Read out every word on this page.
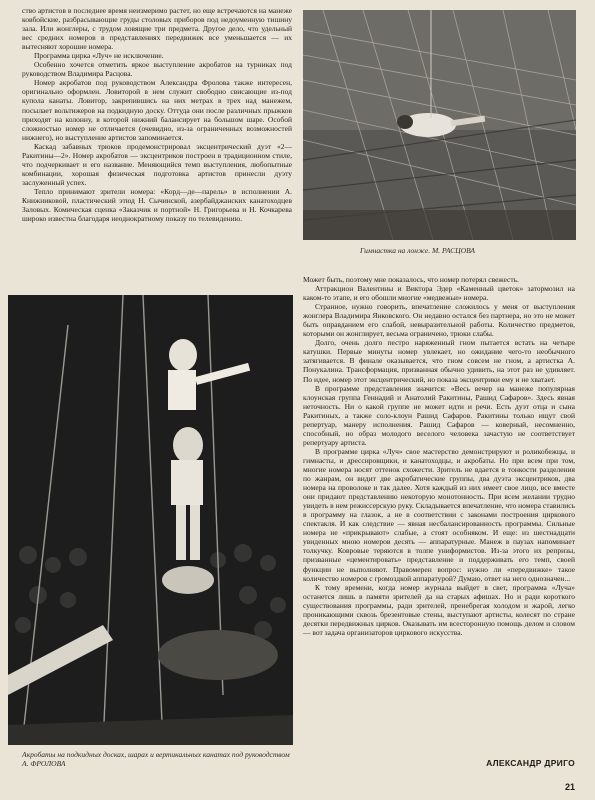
ство артистов в последнее время неизмеримо растет, но еще встречаются на манеже ковбойские, разбрасывающие груды столовых приборов под недоуменную тишину зала. Или жонглеры, с трудом ловящие три предмета. Другое дело, что удельный вес средних номеров в представлениях передвижек все уменьшается — их вытесняют хорошие номера.

Программа цирка «Луч» не исключение.

Особенно хочется отметить яркое выступление акробатов на турниках под руководством Владимира Расцова.

Номер акробатов под руководством Александра Фролова также интересен, оригинально оформлен. Ловиторой в нем служит свободно свисающие из-под купола канаты. Ловитор, закрепившись на них метрах в трех над манежем, посылает вольтижеров на подкидную доску. Оттуда они после различных прыжков приходят на колонну, в которой нижний балансирует на большом шаре. Особой сложностью номер не отличается (очевидно, из-за ограниченных возможностей нижнего), но выступление артистов запоминается.

Каскад забавных трюков продемонстрировал эксцентрический дуэт «2—Ракитины—2». Номер акробатов — эксцентриков построен в традиционном стиле, что подчеркивает и его название. Меняющийся темп выступления, любопытные комбинации, хорошая физическая подготовка артистов принесли дуэту заслуженный успех.

Тепло принимают зрители номера: «Корд—де—парель» в исполнении А. Книжниковой, пластический этюд Н. Сычинской, азербайджанских канатоходцев Заловых. Комическая сценка «Заказчик и портной» Н. Григорьева и Н. Кочкарева широко известна благодаря неоднократному показу по телевидению.

Гимнастка на лонже. М. РАСЦОВА
Акробаты на подкидных досках, шарах и вертикальных канатах под руководством А. ФРОЛОВА

Может быть, поэтому мне показалось, что номер потерял свежесть.

Аттракцион Валентины и Виктора Эдер «Каменный цветок» затормозил на каком-то этапе, и его обошли многие «медвежьи» номера.

Странное, нужно говорить, впечатление сложилось у меня от выступления жонглера Владимира Янковского. Он недавно остался без партнера, но это не может быть оправданием его слабой, невыразительной работы. Количество предметов, которыми он жонглирует, весьма ограничено, трюки слабы.

Долго, очень долго пестро наряженный гном пытается встать на четыре катушки. Первые минуты номер увлекает, но ожидание чего-то необычного затягивается. В финале оказывается, что гном совсем не гном, а артистка А. Понукалина. Трансформация, призванная обычно удивить, на этот раз не удивляет. По идее, номер этот эксцентрический, но показа эксцентрики ему и не хватает.

В программе представления значится: «Весь вечер на манеже популярная клоунская группа Геннадий и Анатолий Ракитины, Рашид Сафаров». Здесь явная неточность. Ни о какой группе не может идти и речи. Есть дуэт отца и сына Ракитиных, а также соло-клоун Рашид Сафаров. Ракитины только ищут свой репертуар, манеру исполнения. Рашид Сафаров — коверный, несомненно, способный, но образ молодого веселого человека зачастую не соответствует репертуару артиста.

В программе цирка «Луч» свое мастерство демонстрируют и роликобежцы, и гимнасты, и дрессировщики, и канатоходцы, и акробаты. Но при всем при том, многие номера носят оттенок схожести. Зритель не вдается в тонкости разделения по жанрам, он видит две акробатические группы, два дуэта эксцентриков, два номера на проволоке и так далее. Хотя каждый из них имеет свое лицо, все вместе они придают представлению некоторую монотонность. При всем желании трудно увидеть в нем режиссерскую руку. Складывается впечатление, что номера ставились в программу на глазок, а не в соответствии с законами построения циркового спектакля. И как следствие — явная несбалансированность программы. Сильные номера не «прикрывают» слабые, а стоят особняком. И еще: из шестнадцати увиденных мною номеров десять — аппаратурные. Манеж в паузах напоминает толкучку. Ковровые теряются в толпе униформистов. Из-за этого их репризы, призванные «цементировать» представление и поддерживать его темп, своей функции не выполняют. Правомерен вопрос: нужно ли «передвижке» такое количество номеров с громоздкой аппаратурой? Думаю, ответ на него однозначен...

К тому времени, когда номер журнала выйдет в свет, программа «Луча» останется лишь в памяти зрителей да на старых афишах. Но и ради короткого существования программы, ради зрителей, пренебрегая холодом и жарой, легко проникающими сквозь брезентовые стены, выступают артисты, колесят по стране десятки передвижных цирков. Оказывать им всесторонную помощь делом и словом — вот задача организаторов циркового искусства.

АЛЕКСАНДР ДРИГО
21
